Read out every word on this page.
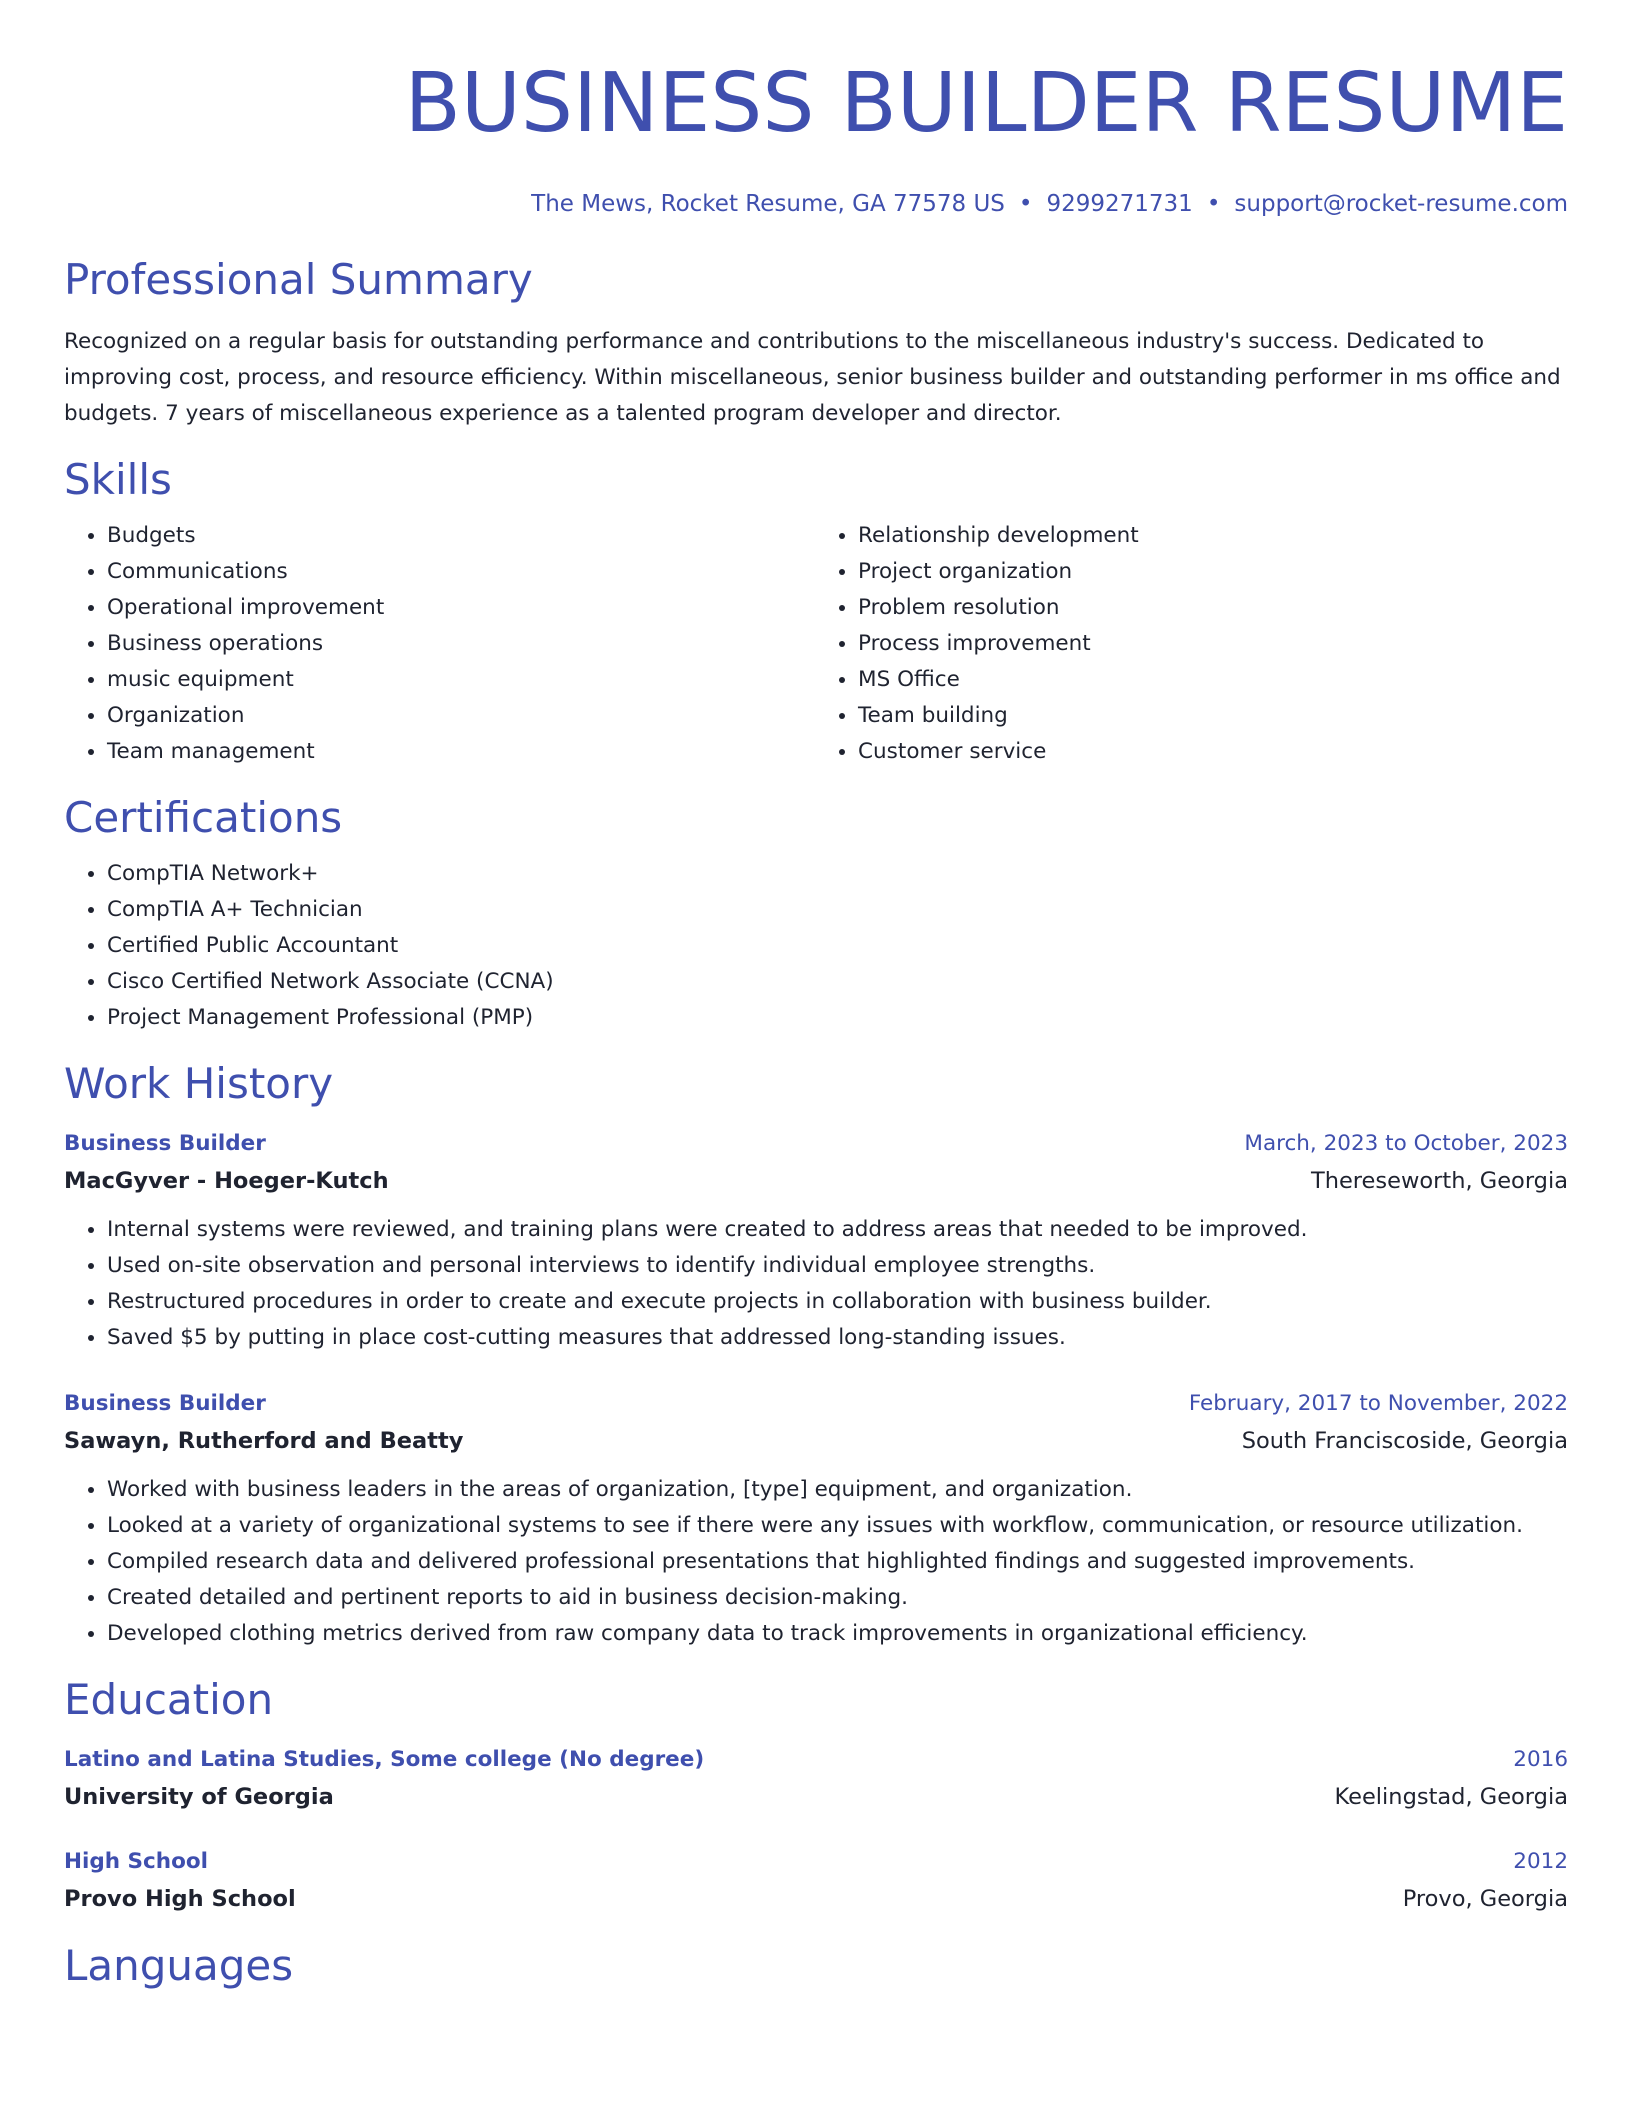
BUSINESS BUILDER RESUME
The Mews, Rocket Resume, GA 77578 US • 9299271731 • support@rocket-resume.com
Professional Summary

Recognized on a regular basis for outstanding performance and contributions to the miscellaneous industry's success. Dedicated to improving cost, process, and resource efficiency. Within miscellaneous, senior business builder and outstanding performer in ms office and budgets. 7 years of miscellaneous experience as a talented program developer and director.

Skills
• Budgets
• Communications
• Operational improvement
• Business operations
• music equipment
• Organization
• Team management
• Relationship development
• Project organization
• Problem resolution
• Process improvement
• MS Office
• Team building
• Customer service
Certifications
• CompTIA Network+
• CompTIA A+ Technician
• Certified Public Accountant
• Cisco Certified Network Associate (CCNA)
• Project Management Professional (PMP)
Work History
Business Builder	March, 2023 to October, 2023
MacGyver - Hoeger-Kutch	Thereseworth, Georgia
• Internal systems were reviewed, and training plans were created to address areas that needed to be improved.
• Used on-site observation and personal interviews to identify individual employee strengths.
• Restructured procedures in order to create and execute projects in collaboration with business builder.
• Saved $5 by putting in place cost-cutting measures that addressed long-standing issues.
Business Builder	February, 2017 to November, 2022
Sawayn, Rutherford and Beatty	South Franciscoside, Georgia
• Worked with business leaders in the areas of organization, [type] equipment, and organization.
• Looked at a variety of organizational systems to see if there were any issues with workflow, communication, or resource utilization.
• Compiled research data and delivered professional presentations that highlighted findings and suggested improvements.
• Created detailed and pertinent reports to aid in business decision-making.
• Developed clothing metrics derived from raw company data to track improvements in organizational efficiency.
Education
Latino and Latina Studies, Some college (No degree)	2016
University of Georgia	Keelingstad, Georgia
High School	2012
Provo High School	Provo, Georgia
Languages
